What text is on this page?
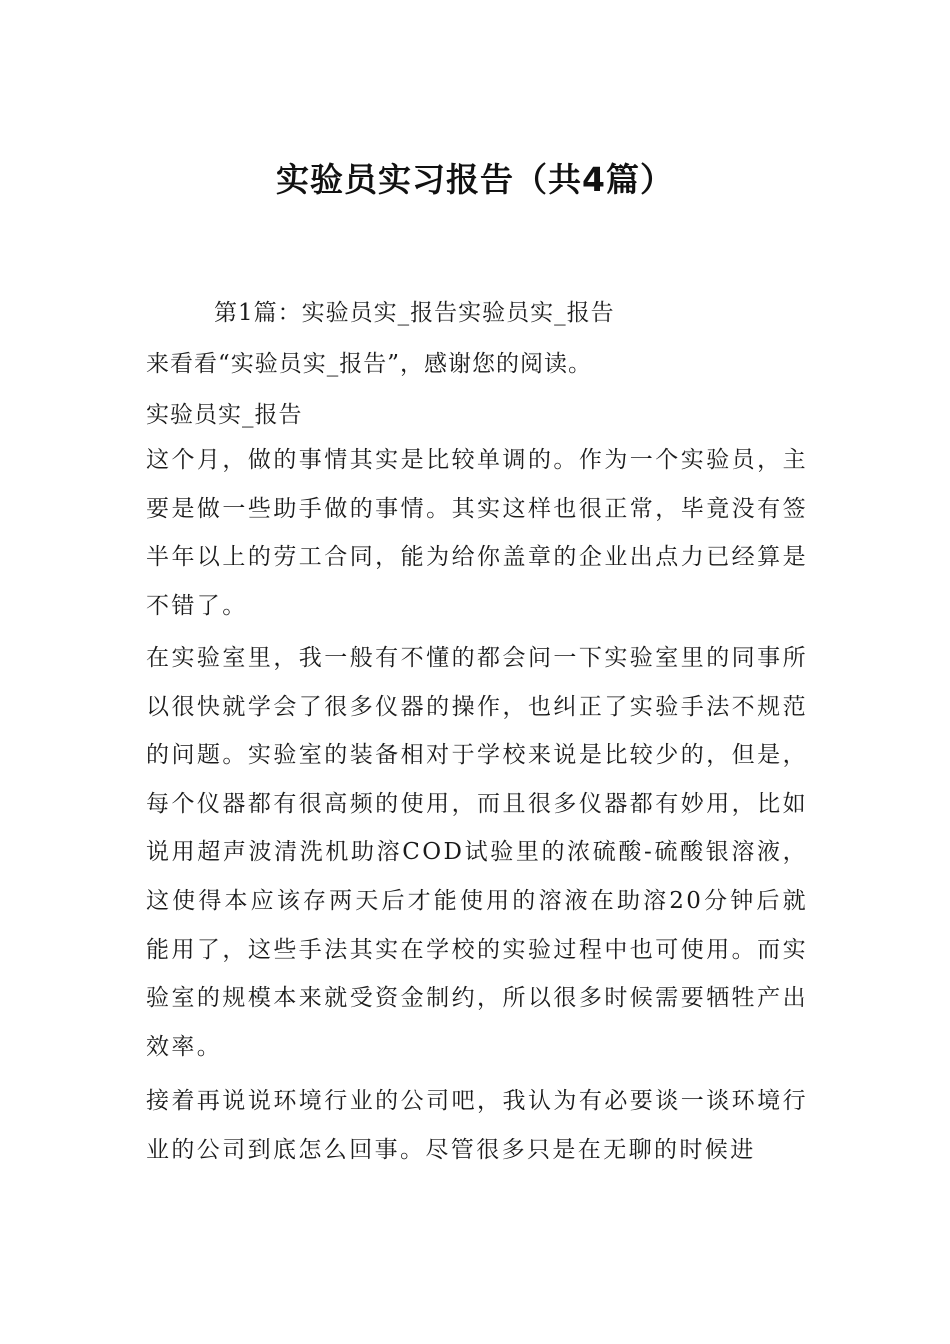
实验员实习报告（共4篇）
第1篇：实验员实_报告实验员实_报告
来看看“实验员实_报告”，感谢您的阅读。
实验员实_报告

这个月，做的事情其实是比较单调的。作为一个实验员，主要是做一些助手做的事情。其实这样也很正常，毕竟没有签半年以上的劳工合同，能为给你盖章的企业出点力已经算是不错了。

在实验室里，我一般有不懂的都会问一下实验室里的同事所以很快就学会了很多仪器的操作，也纠正了实验手法不规范的问题。实验室的装备相对于学校来说是比较少的，但是，每个仪器都有很高频的使用，而且很多仪器都有妙用，比如说用超声波清洗机助溶COD试验里的浓硫酸-硫酸银溶液，这使得本应该存两天后才能使用的溶液在助溶20分钟后就能用了，这些手法其实在学校的实验过程中也可使用。而实验室的规模本来就受资金制约，所以很多时候需要牺牲产出效率。

接着再说说环境行业的公司吧，我认为有必要谈一谈环境行业的公司到底怎么回事。尽管很多只是在无聊的时候进
